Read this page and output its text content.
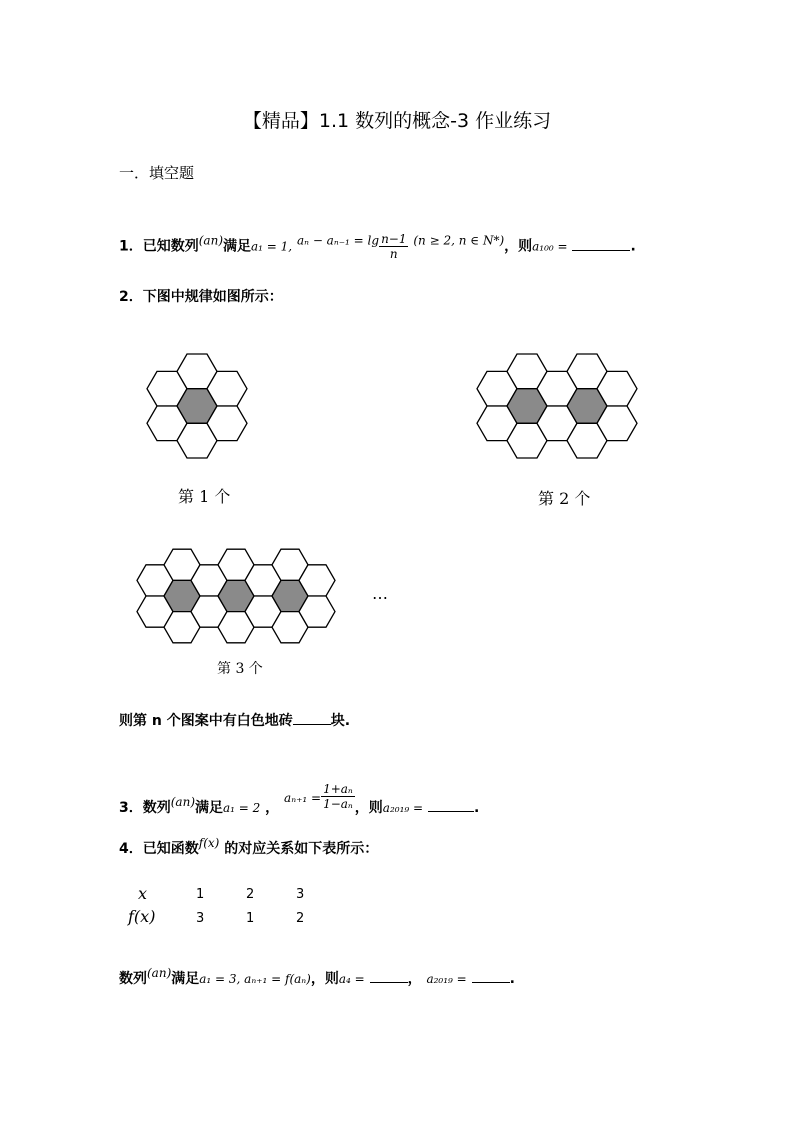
【精品】1.1 数列的概念-3 作业练习
一．填空题
1．已知数列(an)满足a₁ = 1, $a_n - a_{n-1} = \lg \frac{n-1}{n} (n \ge 2$, n ∈ N*)，则a₁₀₀ =	.
2．下图中规律如图所示：
第 1 个	第 2 个
第 3 个
…
则第 n 个图案中有白色地砖	块.
3．数列(an)满足a₁ = 2 ， $a_{n+1} = \frac{\text{1+aₙ}}{\text{1−aₙ}}$ ，则a₂₀₁₉ =	.
4．已知函数f(x) 的对应关系如下表所示：
x	1	2	3
f(x)	3	1	2
数列(an)满足a₁ = 3, aₙ₊₁ = f(aₙ)，则a₄ =	， a₂₀₁₉ =	.
